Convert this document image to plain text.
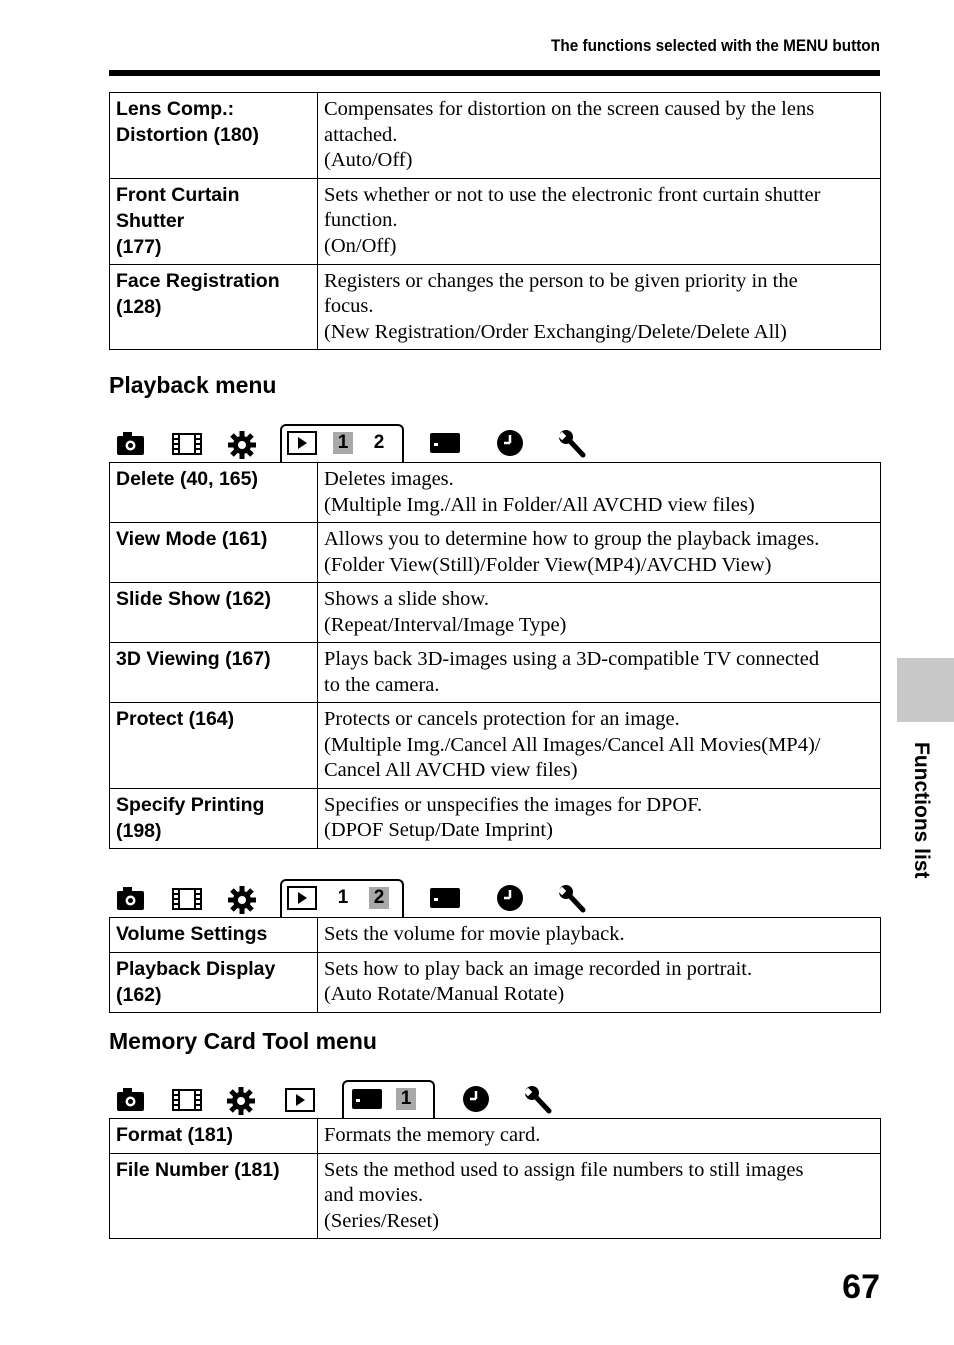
The functions selected with the MENU button
Lens Comp.:
Distortion (180)	Compensates for distortion on the screen caused by the lens
attached.
(Auto/Off)

Front Curtain Shutter
(177)	Sets whether or not to use the electronic front curtain shutter
function.
(On/Off)

Face Registration
(128)	Registers or changes the person to be given priority in the
focus.
(New Registration/Order Exchanging/Delete/Delete All)
Playback menu
1 2
Delete (40, 165)	Deletes images.
(Multiple Img./All in Folder/All AVCHD view files)

View Mode (161)	Allows you to determine how to group the playback images.
(Folder View(Still)/Folder View(MP4)/AVCHD View)

Slide Show (162)	Shows a slide show.
(Repeat/Interval/Image Type)

3D Viewing (167)	Plays back 3D-images using a 3D-compatible TV connected
to the camera.

Protect (164)	Protects or cancels protection for an image.
(Multiple Img./Cancel All Images/Cancel All Movies(MP4)/
Cancel All AVCHD view files)

Specify Printing
(198)	Specifies or unspecifies the images for DPOF.
(DPOF Setup/Date Imprint)
1 2
Volume Settings	Sets the volume for movie playback.

Playback Display
(162)	Sets how to play back an image recorded in portrait.
(Auto Rotate/Manual Rotate)
Memory Card Tool menu
1
Format (181)	Formats the memory card.

File Number (181)	Sets the method used to assign file numbers to still images
and movies.
(Series/Reset)
Functions list
67
